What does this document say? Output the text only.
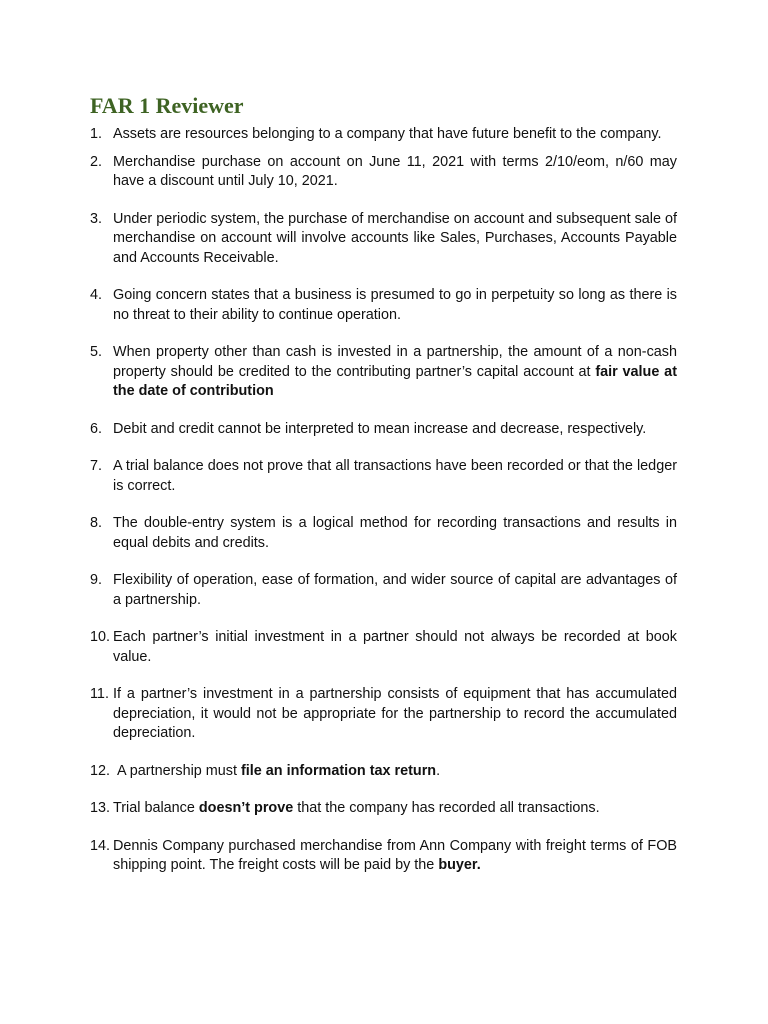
FAR 1 Reviewer
1. Assets are resources belonging to a company that have future benefit to the company.
2. Merchandise purchase on account on June 11, 2021 with terms 2/10/eom, n/60 may have a discount until July 10, 2021.
3. Under periodic system, the purchase of merchandise on account and subsequent sale of merchandise on account will involve accounts like Sales, Purchases, Accounts Payable and Accounts Receivable.
4. Going concern states that a business is presumed to go in perpetuity so long as there is no threat to their ability to continue operation.
5. When property other than cash is invested in a partnership, the amount of a non-cash property should be credited to the contributing partner’s capital account at fair value at the date of contribution
6. Debit and credit cannot be interpreted to mean increase and decrease, respectively.
7. A trial balance does not prove that all transactions have been recorded or that the ledger is correct.
8. The double-entry system is a logical method for recording transactions and results in equal debits and credits.
9. Flexibility of operation, ease of formation, and wider source of capital are advantages of a partnership.
10. Each partner’s initial investment in a partner should not always be recorded at book value.
11. If a partner’s investment in a partnership consists of equipment that has accumulated depreciation, it would not be appropriate for the partnership to record the accumulated depreciation.
12. A partnership must file an information tax return.
13. Trial balance doesn’t prove that the company has recorded all transactions.
14. Dennis Company purchased merchandise from Ann Company with freight terms of FOB shipping point. The freight costs will be paid by the buyer.
